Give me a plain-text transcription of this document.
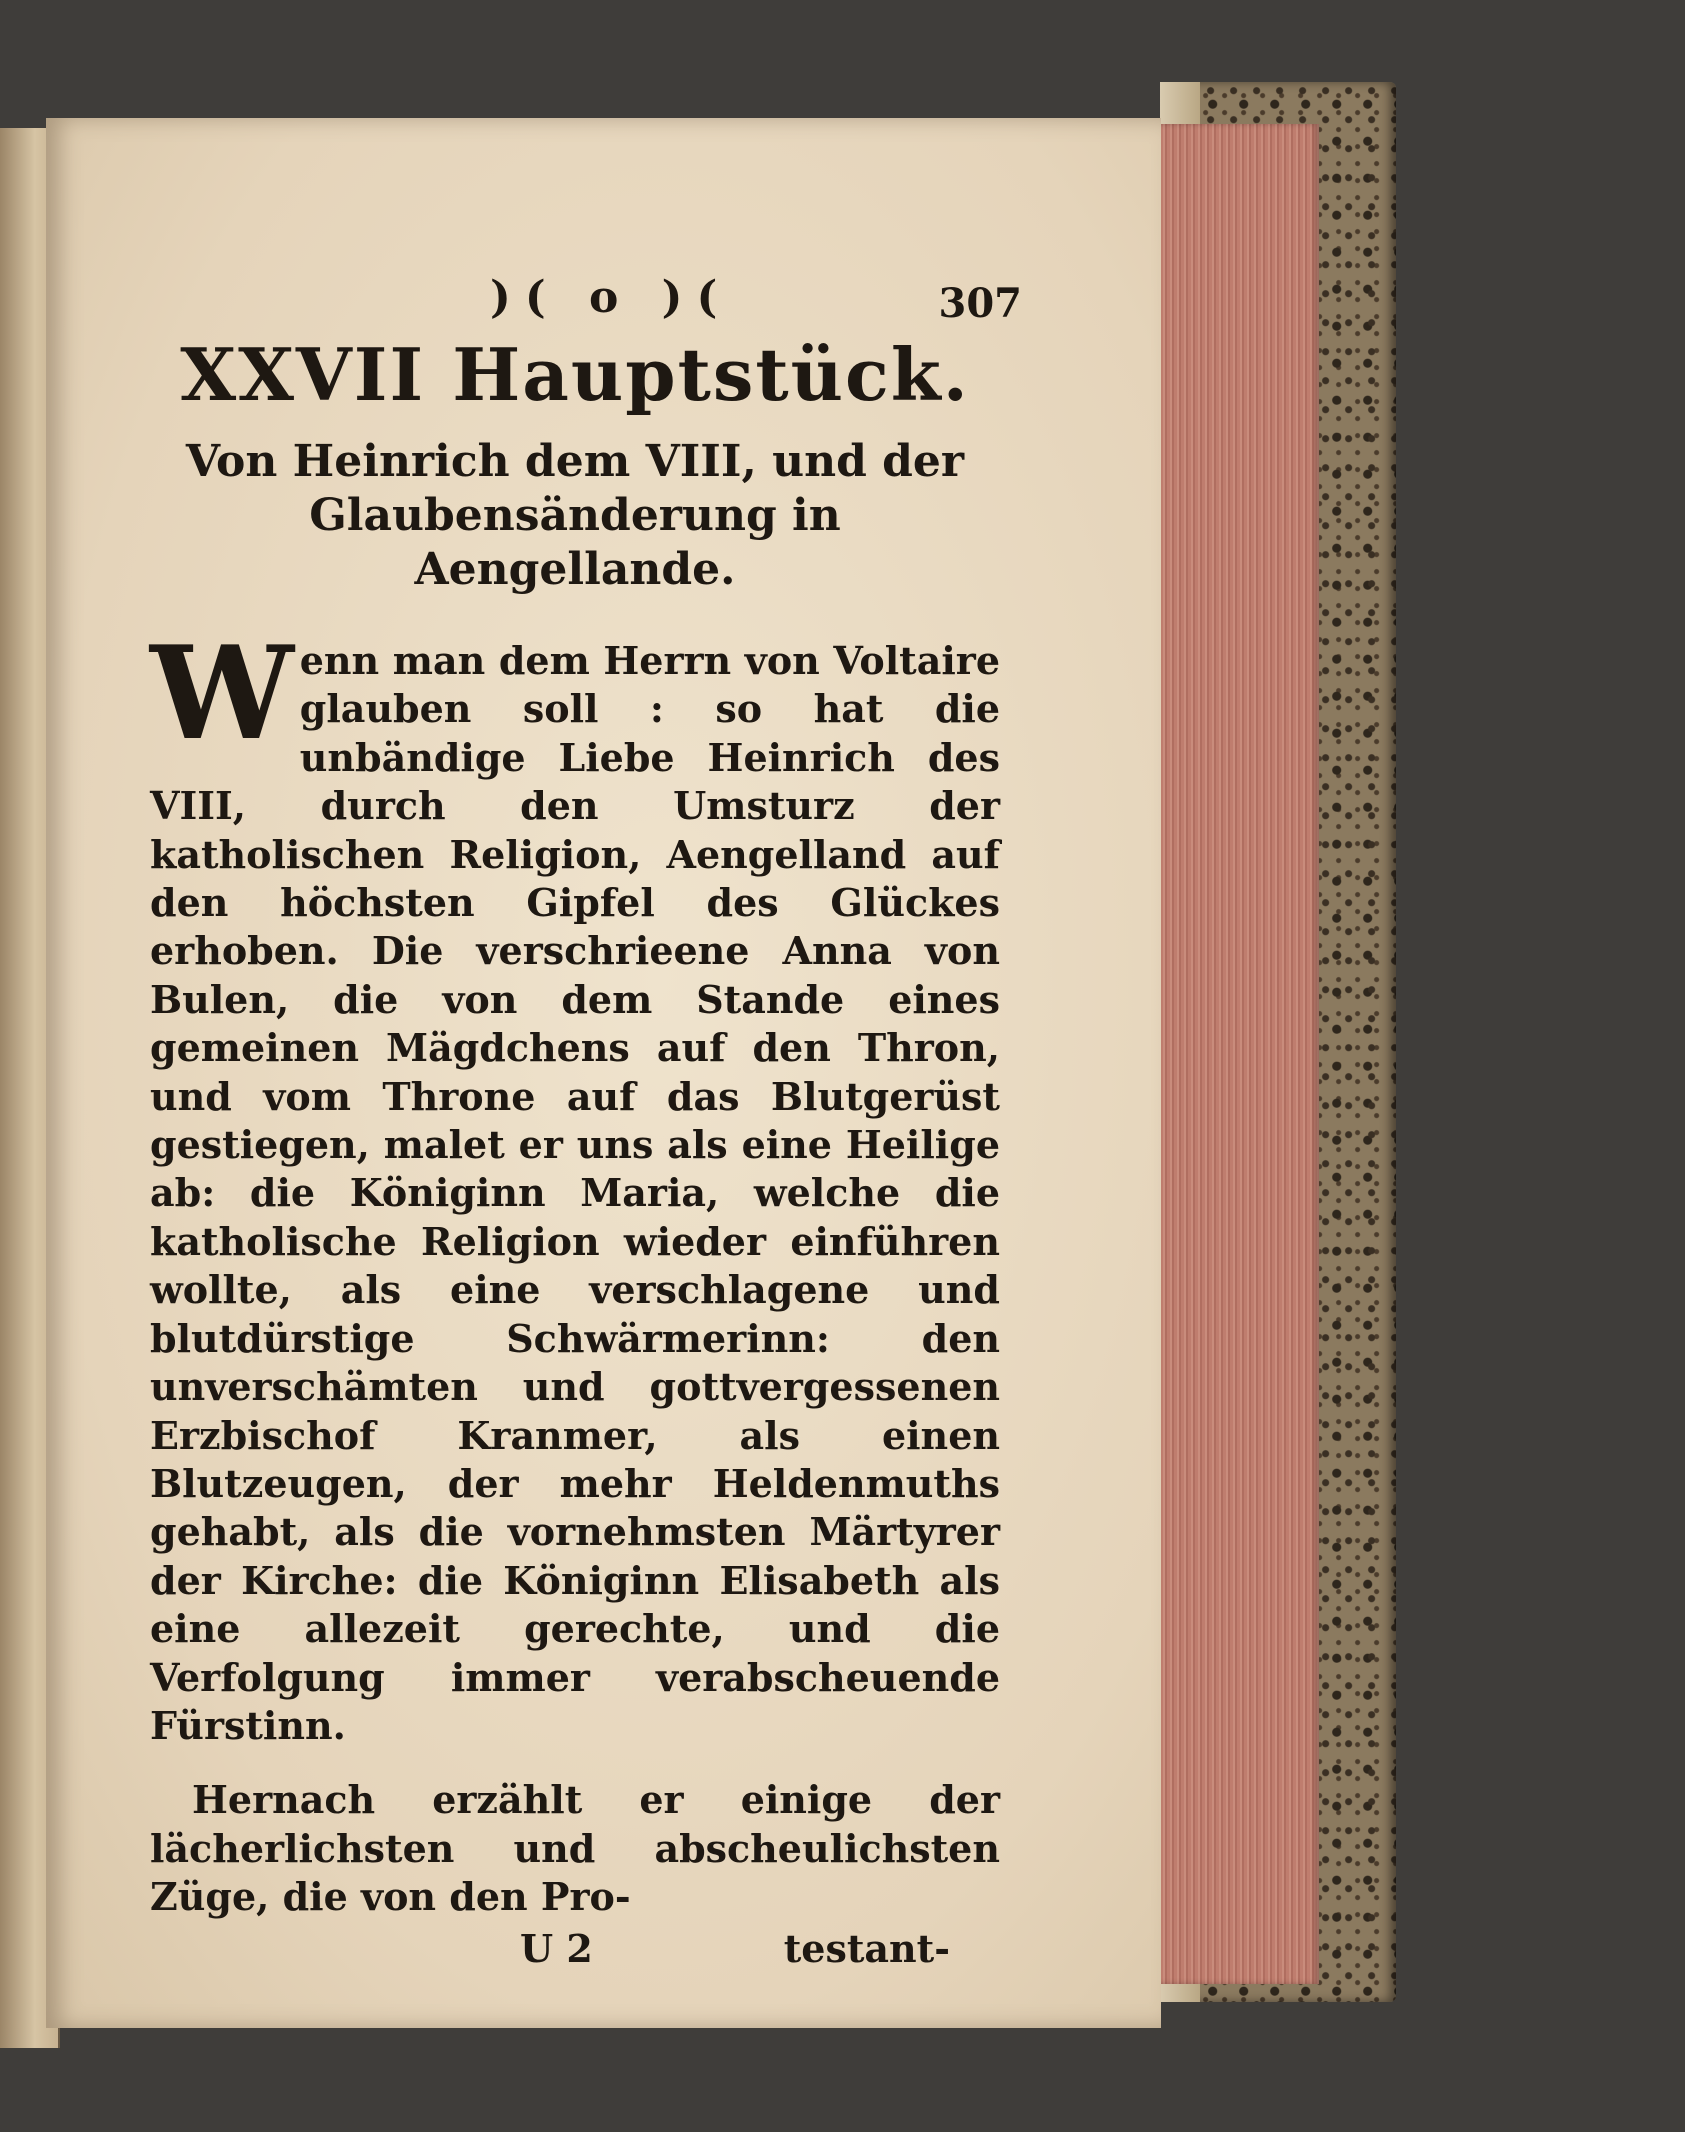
)( o )(	307
XXVII Hauptstück.
Von Heinrich dem VIII, und der Glaubensänderung in Aengellande.

Wenn man dem Herrn von Voltaire glauben soll : so hat die unbändige Liebe Heinrich des VIII, durch den Umsturz der katholischen Religion, Aengelland auf den höchsten Gipfel des Glückes erhoben. Die verschrieene Anna von Bulen, die von dem Stande eines gemeinen Mägdchens auf den Thron, und vom Throne auf das Blutgerüst gestiegen, malet er uns als eine Heilige ab: die Königinn Maria, welche die katholische Religion wieder einführen wollte, als eine verschlagene und blutdürstige Schwärmerinn: den unverschämten und gottvergessenen Erzbischof Kranmer, als einen Blutzeugen, der mehr Heldenmuths gehabt, als die vornehmsten Märtyrer der Kirche: die Königinn Elisabeth als eine allezeit gerechte, und die Verfolgung immer verabscheuende Fürstinn.

Hernach erzählt er einige der lächerlichsten und abscheulichsten Züge, die von den Pro-

U 2	testant-
